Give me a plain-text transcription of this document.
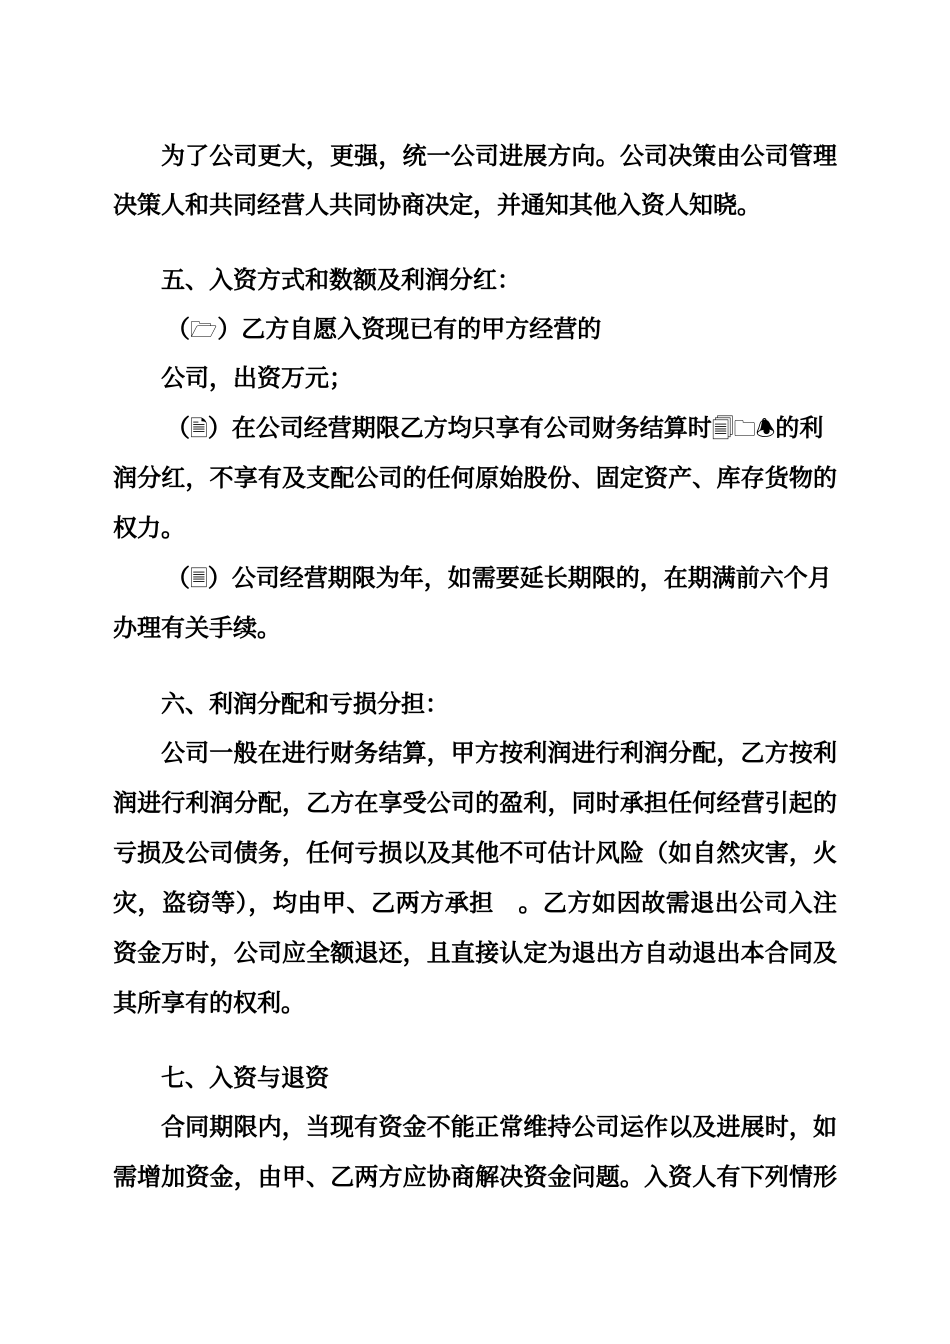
为了公司更大，更强，统一公司进展方向。公司决策由公司管理
决策人和共同经营人共同协商决定，并通知其他入资人知晓。
五、入资方式和数额及利润分红：
（🗁）乙方自愿入资现已有的甲方经营的
公司，出资万元；
（🗎）在公司经营期限乙方均只享有公司财务结算时🗐🗀🕭的利
润分红，不享有及支配公司的任何原始股份、固定资产、库存货物的
权力。
（🗏）公司经营期限为年，如需要延长期限的，在期满前六个月
办理有关手续。
六、利润分配和亏损分担：
公司一般在进行财务结算，甲方按利润进行利润分配，乙方按利
润进行利润分配，乙方在享受公司的盈利，同时承担任何经营引起的
亏损及公司债务，任何亏损以及其他不可估计风险（如自然灾害，火
灾，盗窃等），均由甲、乙两方承担　。乙方如因故需退出公司入注
资金万时，公司应全额退还，且直接认定为退出方自动退出本合同及
其所享有的权利。
七、入资与退资
合同期限内，当现有资金不能正常维持公司运作以及进展时，如
需增加资金，由甲、乙两方应协商解决资金问题。入资人有下列情形
